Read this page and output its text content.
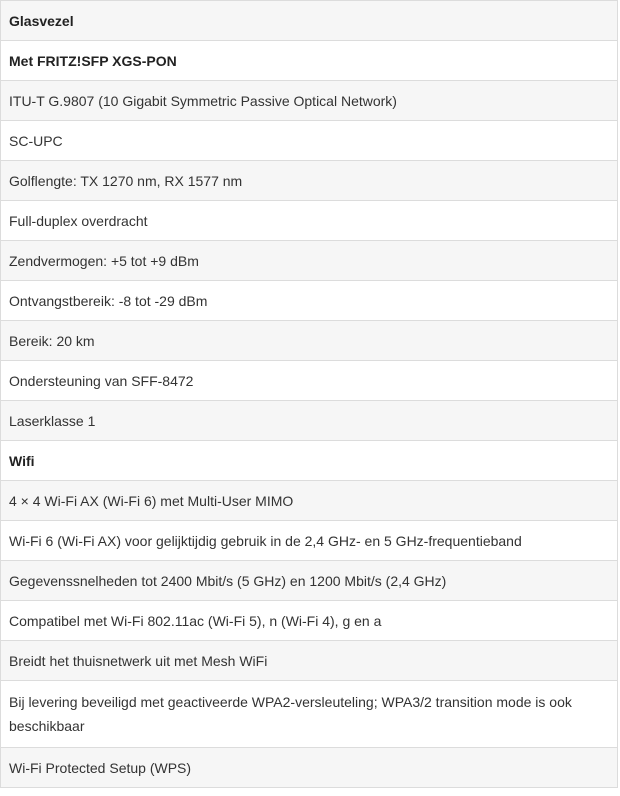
Glasvezel
Met FRITZ!SFP XGS-PON
ITU-T G.9807 (10 Gigabit Symmetric Passive Optical Network)
SC-UPC
Golflengte: TX 1270 nm, RX 1577 nm
Full-duplex overdracht
Zendvermogen: +5 tot +9 dBm
Ontvangstbereik: -8 tot -29 dBm
Bereik: 20 km
Ondersteuning van SFF-8472
Laserklasse 1
Wifi
4 × 4 Wi-Fi AX (Wi-Fi 6) met Multi-User MIMO
Wi-Fi 6 (Wi-Fi AX) voor gelijktijdig gebruik in de 2,4 GHz- en 5 GHz-frequentieband
Gegevenssnelheden tot 2400 Mbit/s (5 GHz) en 1200 Mbit/s (2,4 GHz)
Compatibel met Wi-Fi 802.11ac (Wi-Fi 5), n (Wi-Fi 4), g en a
Breidt het thuisnetwerk uit met Mesh WiFi
Bij levering beveiligd met geactiveerde WPA2-versleuteling; WPA3/2 transition mode is ook beschikbaar
Wi-Fi Protected Setup (WPS)
